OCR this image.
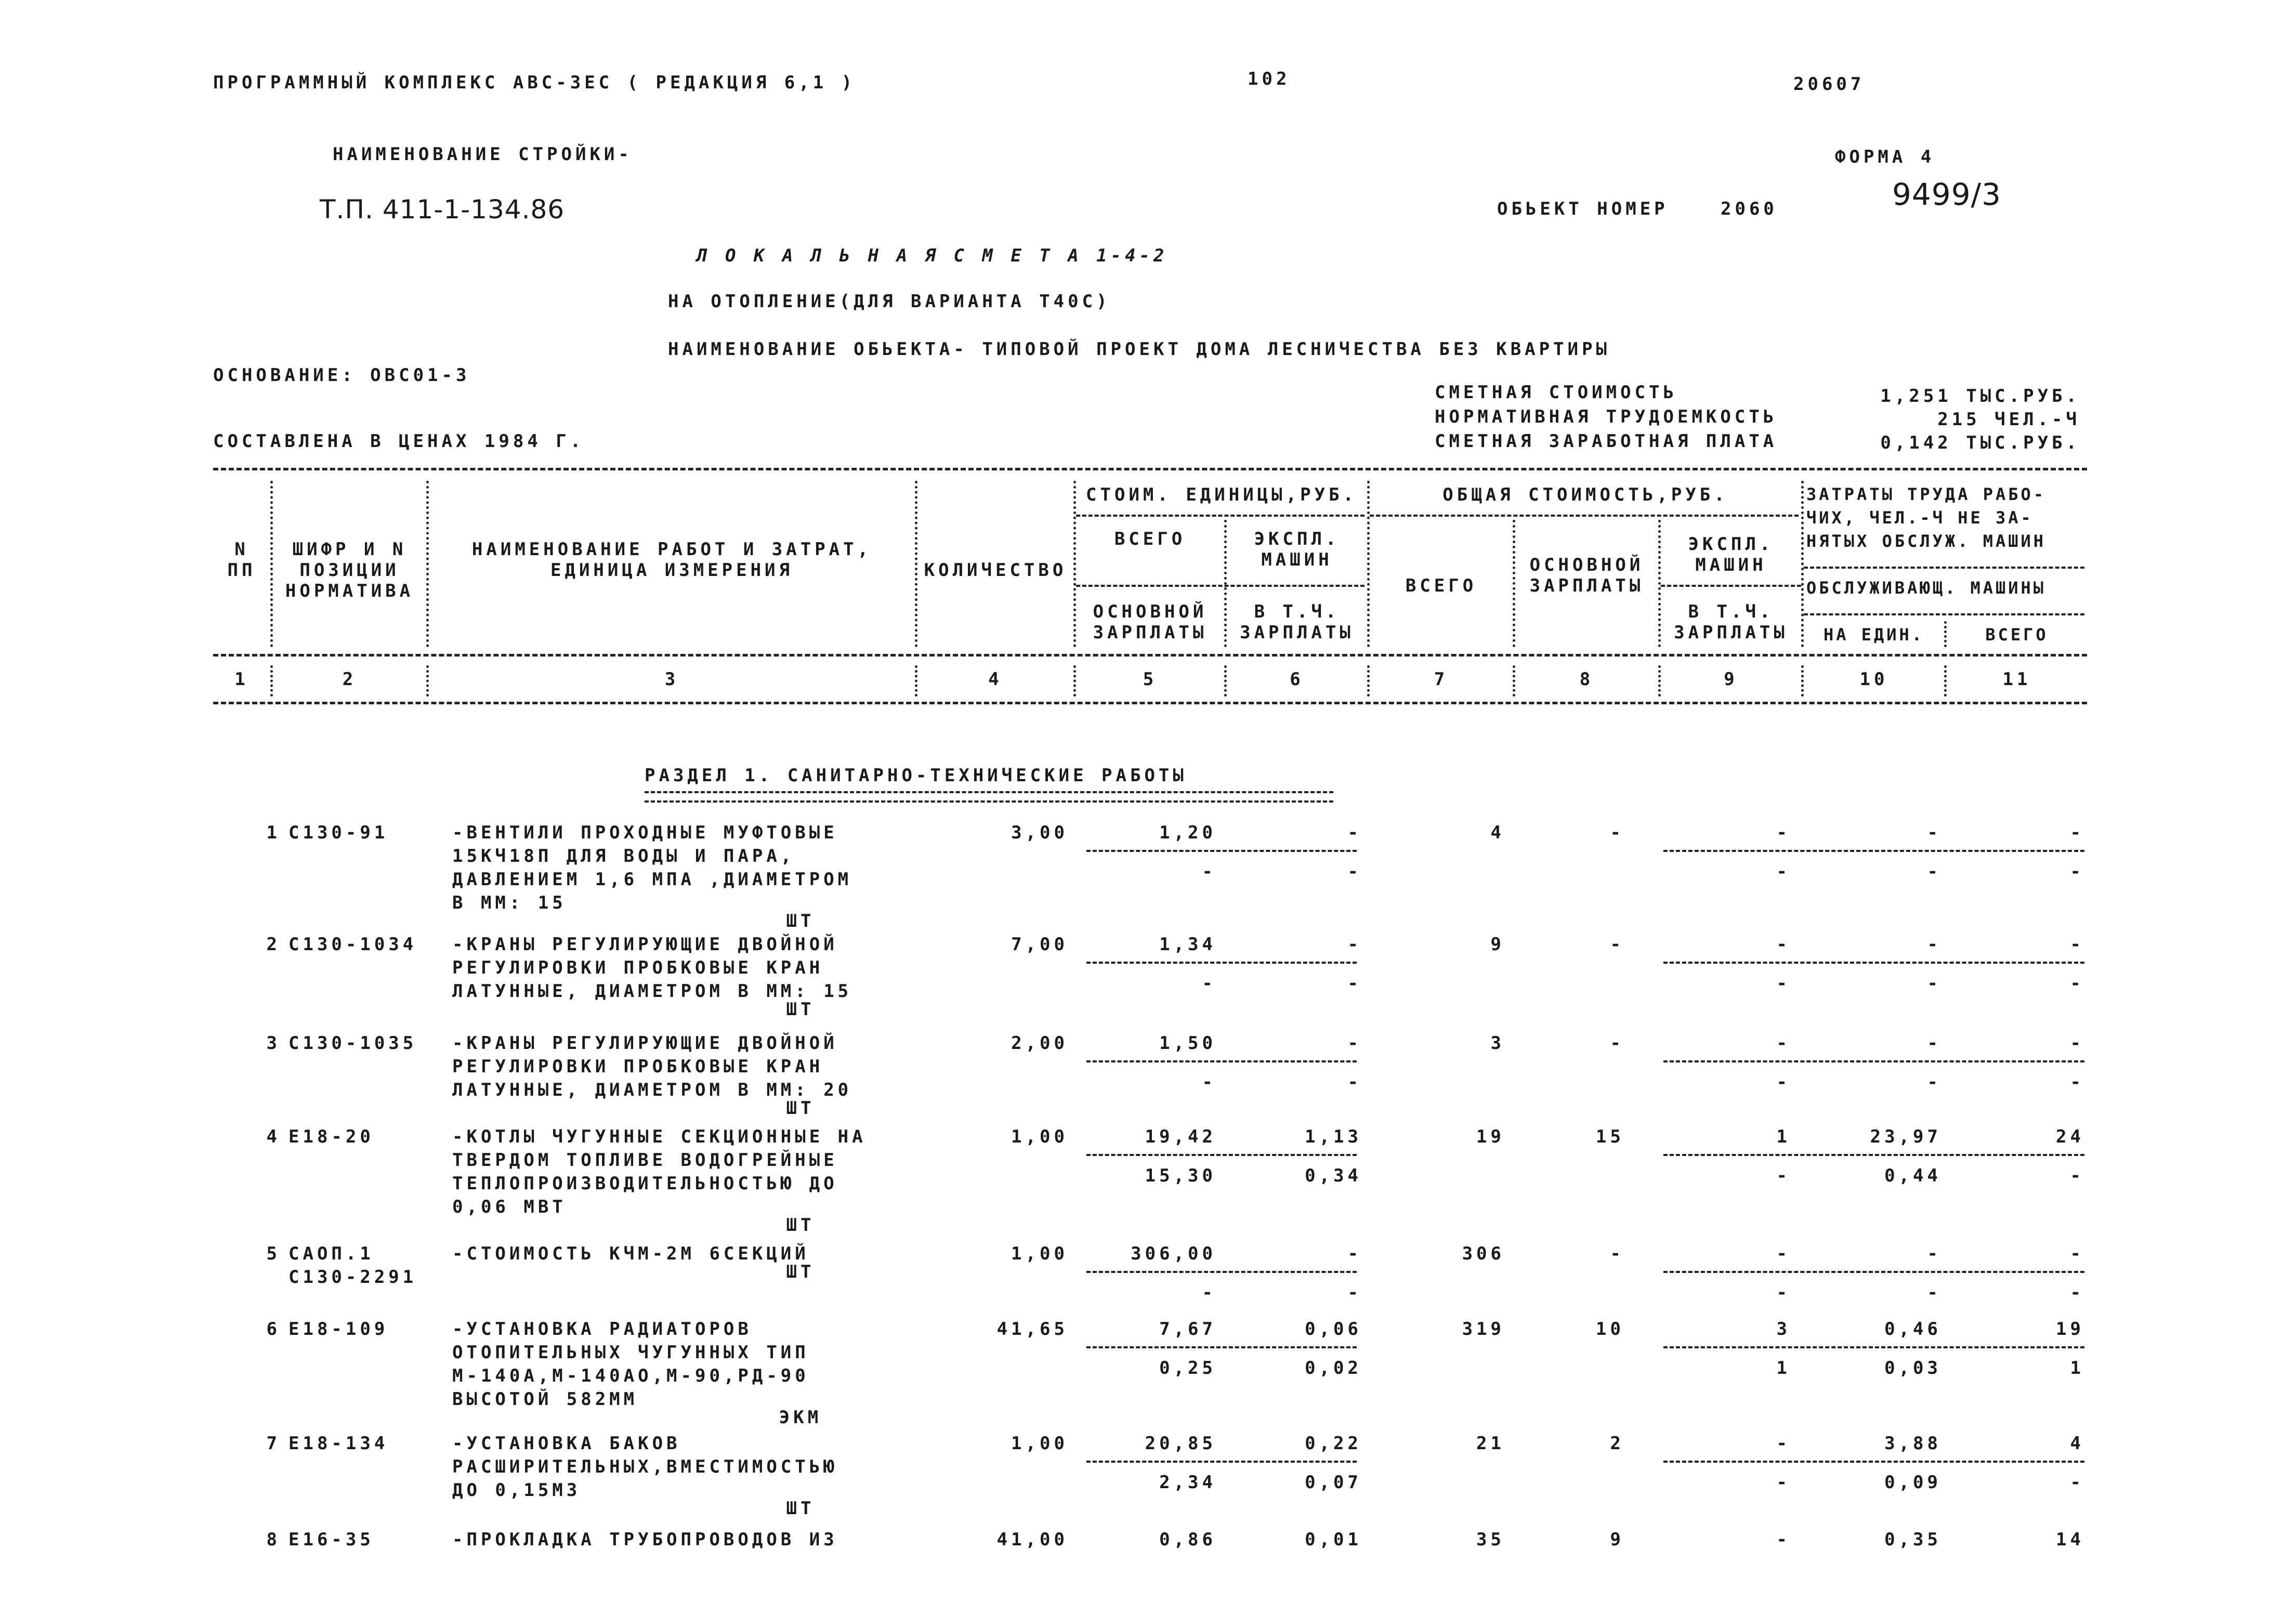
ПРОГРАММНЫЙ КОМПЛЕКС АВС-3ЕС ( РЕДАКЦИЯ 6,1 )	102	20607
НАИМЕНОВАНИЕ СТРОЙКИ-	ФОРМА 4
Т.П. 411-1-134.86	ОБЬЕКТ НОМЕР	2060	9499/3
Л О К А Л Ь Н А Я С М Е Т А 1-4-2
НА ОТОПЛЕНИЕ(ДЛЯ ВАРИАНТА Т40С)
НАИМЕНОВАНИЕ ОБЬЕКТА- ТИПОВОЙ ПРОЕКТ ДОМА ЛЕСНИЧЕСТВА БЕЗ КВАРТИРЫ
ОСНОВАНИЕ: ОВС01-3
СОСТАВЛЕНА В ЦЕНАХ 1984 Г.
СМЕТНАЯ СТОИМОСТЬ	1,251 ТЫС.РУБ.
НОРМАТИВНАЯ ТРУДОЕМКОСТЬ	215 ЧЕЛ.-Ч
СМЕТНАЯ ЗАРАБОТНАЯ ПЛАТА	0,142 ТЫС.РУБ.
N
ПП
ШИФР И N
ПОЗИЦИИ
НОРМАТИВА
НАИМЕНОВАНИЕ РАБОТ И ЗАТРАТ,
ЕДИНИЦА ИЗМЕРЕНИЯ	КОЛИЧЕСТВО
СТОИМ. ЕДИНИЦЫ,РУБ.
ВСЕГО	ЭКСПЛ.
МАШИН
ОСНОВНОЙ
ЗАРПЛАТЫ
В Т.Ч.
ЗАРПЛАТЫ
ОБЩАЯ СТОИМОСТЬ,РУБ.
ВСЕГО
ОСНОВНОЙ
ЗАРПЛАТЫ
ЭКСПЛ.
МАШИН
В Т.Ч.
ЗАРПЛАТЫ
ЗАТРАТЫ ТРУДА РАБО-
ЧИХ, ЧЕЛ.-Ч НЕ ЗА-
НЯТЫХ ОБСЛУЖ. МАШИН
ОБСЛУЖИВАЮЩ. МАШИНЫ
НА ЕДИН.	ВСЕГО
1	2	3	4	5	6	7	8	9	10	11
РАЗДЕЛ 1. САНИТАРНО-ТЕХНИЧЕСКИЕ РАБОТЫ
1 С130-91	-ВЕНТИЛИ ПРОХОДНЫЕ МУФТОВЫЕ
15КЧ18П ДЛЯ ВОДЫ И ПАРА,
ДАВЛЕНИЕМ 1,6 МПА ,ДИАМЕТРОМ
В ММ: 15
ШТ
3,00	1,20	-	4	-	-	-	-
-	-	-	-	-
2 С130-1034 -КРАНЫ РЕГУЛИРУЮЩИЕ ДВОЙНОЙ
РЕГУЛИРОВКИ ПРОБКОВЫЕ КРАН
ЛАТУННЫЕ, ДИАМЕТРОМ В ММ: 15
ШТ
7,00	1,34	-	9	-	-	-	-
-	-	-	-	-
3 С130-1035 -КРАНЫ РЕГУЛИРУЮЩИЕ ДВОЙНОЙ
РЕГУЛИРОВКИ ПРОБКОВЫЕ КРАН
ЛАТУННЫЕ, ДИАМЕТРОМ В ММ: 20
ШТ
2,00	1,50	-	3	-	-	-	-
-	-	-	-	-
4 Е18-20	-КОТЛЫ ЧУГУННЫЕ СЕКЦИОННЫЕ НА
ТВЕРДОМ ТОПЛИВЕ ВОДОГРЕЙНЫЕ
ТЕПЛОПРОИЗВОДИТЕЛЬНОСТЬЮ ДО
0,06 МВТ
ШТ
1,00	19,42	1,13	19	15	1	23,97	24
15,30	0,34	-	0,44	-
5 САОП.1
С130-2291
-СТОИМОСТЬ КЧМ-2М 6СЕКЦИЙ
ШТ
1,00	306,00	-	306	-	-	-	-
-	-	-	-	-
6 Е18-109	-УСТАНОВКА РАДИАТОРОВ
ОТОПИТЕЛЬНЫХ ЧУГУННЫХ ТИП
М-140А,М-140АО,М-90,РД-90
ВЫСОТОЙ 582ММ
ЭКМ
41,65	7,67	0,06	319	10	3	0,46	19
0,25	0,02	1	0,03	1
7 Е18-134	-УСТАНОВКА БАКОВ
РАСШИРИТЕЛЬНЫХ,ВМЕСТИМОСТЬЮ
ДО 0,15М3
ШТ
1,00	20,85	0,22	21	2	-	3,88	4
2,34	0,07	-	0,09	-
8 Е16-35	-ПРОКЛАДКА ТРУБОПРОВОДОВ ИЗ	41,00	0,86	0,01	35	9	-	0,35	14
